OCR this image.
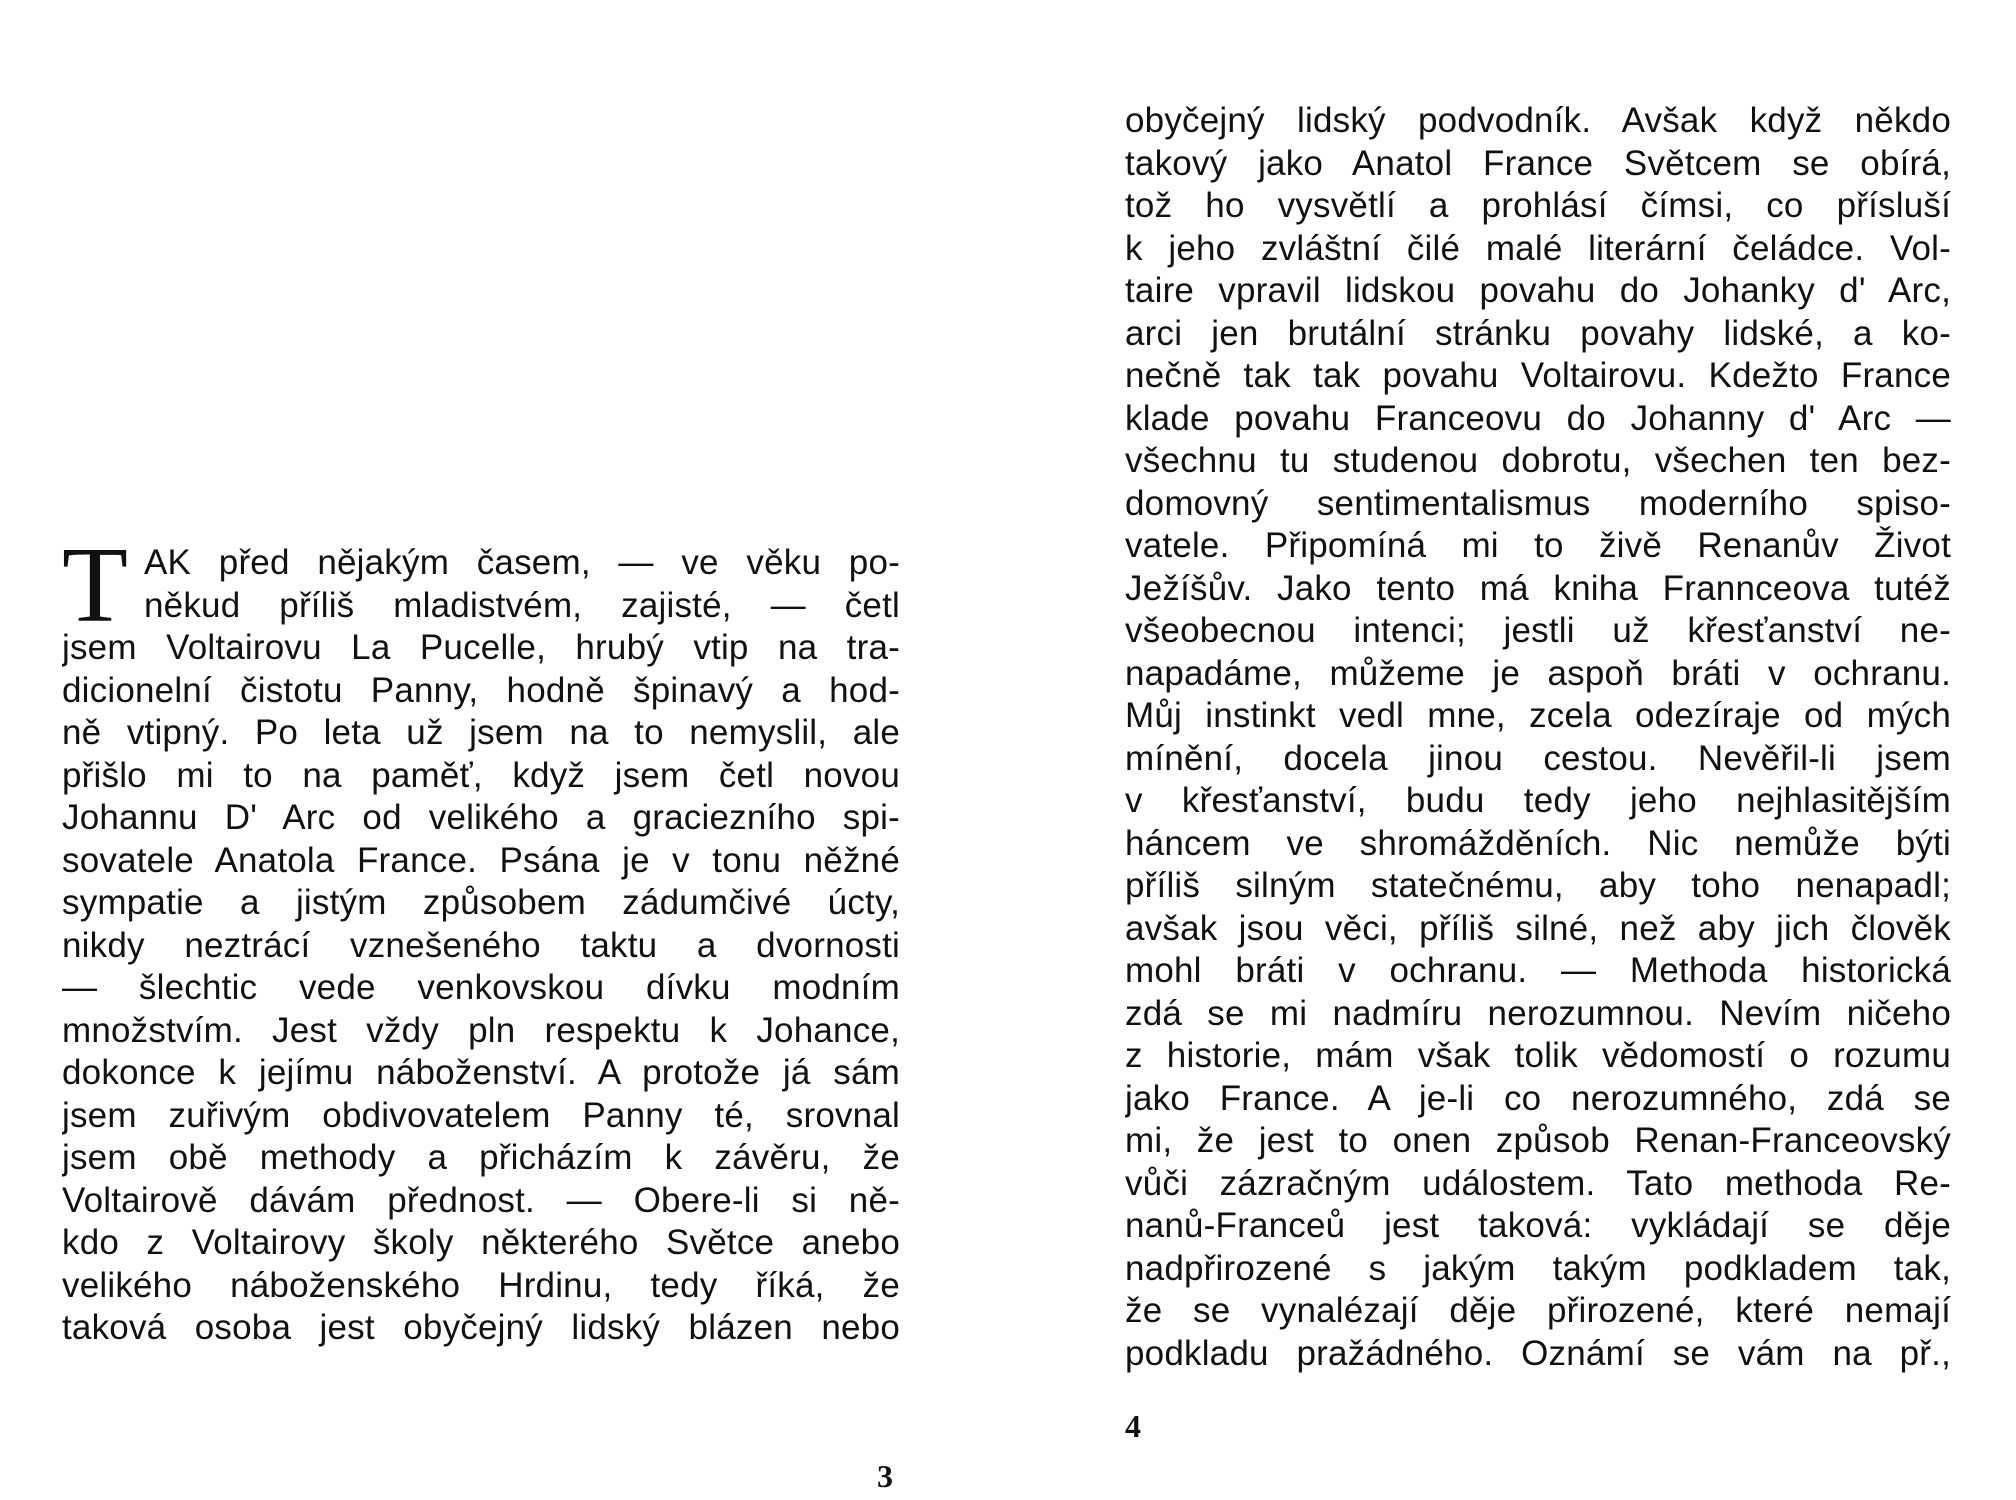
T AK před nějakým časem, — ve věku po-
někud příliš mladistvém, zajisté, — četl
jsem Voltairovu La Pucelle, hrubý vtip na tra-
dicionelní čistotu Panny, hodně špinavý a hod-
ně vtipný. Po leta už jsem na to nemyslil, ale
přišlo mi to na paměť, když jsem četl novou
Johannu D' Arc od velikého a graciezního spi-
sovatele Anatola France. Psána je v tonu něžné
sympatie a jistým způsobem zádumčivé úcty,
nikdy neztrácí vznešeného taktu a dvornosti
— šlechtic vede venkovskou dívku modním
množstvím. Jest vždy pln respektu k Johance,
dokonce k jejímu náboženství. A protože já sám
jsem zuřivým obdivovatelem Panny té, srovnal
jsem obě methody a přicházím k závěru, že
Voltairově dávám přednost. — Obere-li si ně-
kdo z Voltairovy školy některého Světce anebo
velikého náboženského Hrdinu, tedy říká, že
taková osoba jest obyčejný lidský blázen nebo
3
obyčejný lidský podvodník. Avšak když někdo
takový jako Anatol France Světcem se obírá,
tož ho vysvětlí a prohlásí čímsi, co přísluší
k jeho zvláštní čilé malé literární čeládce. Vol-
taire vpravil lidskou povahu do Johanky d' Arc,
arci jen brutální stránku povahy lidské, a ko-
nečně tak tak povahu Voltairovu. Kdežto France
klade povahu Franceovu do Johanny d' Arc —
všechnu tu studenou dobrotu, všechen ten bez-
domovný sentimentalismus moderního spiso-
vatele. Připomíná mi to živě Renanův Život
Ježíšův. Jako tento má kniha Frannceova tutéž
všeobecnou intenci; jestli už křesťanství ne-
napadáme, můžeme je aspoň bráti v ochranu.
Můj instinkt vedl mne, zcela odezíraje od mých
mínění, docela jinou cestou. Nevěřil-li jsem
v křesťanství, budu tedy jeho nejhlasitějším
háncem ve shromážděních. Nic nemůže býti
příliš silným statečnému, aby toho nenapadl;
avšak jsou věci, příliš silné, než aby jich člověk
mohl bráti v ochranu. — Methoda historická
zdá se mi nadmíru nerozumnou. Nevím ničeho
z historie, mám však tolik vědomostí o rozumu
jako France. A je-li co nerozumného, zdá se
mi, že jest to onen způsob Renan-Franceovský
vůči zázračným událostem. Tato methoda Re-
nanů-Franceů jest taková: vykládají se děje
nadpřirozené s jakým takým podkladem tak,
že se vynalézají děje přirozené, které nemají
podkladu pražádného. Oznámí se vám na př.,
4
